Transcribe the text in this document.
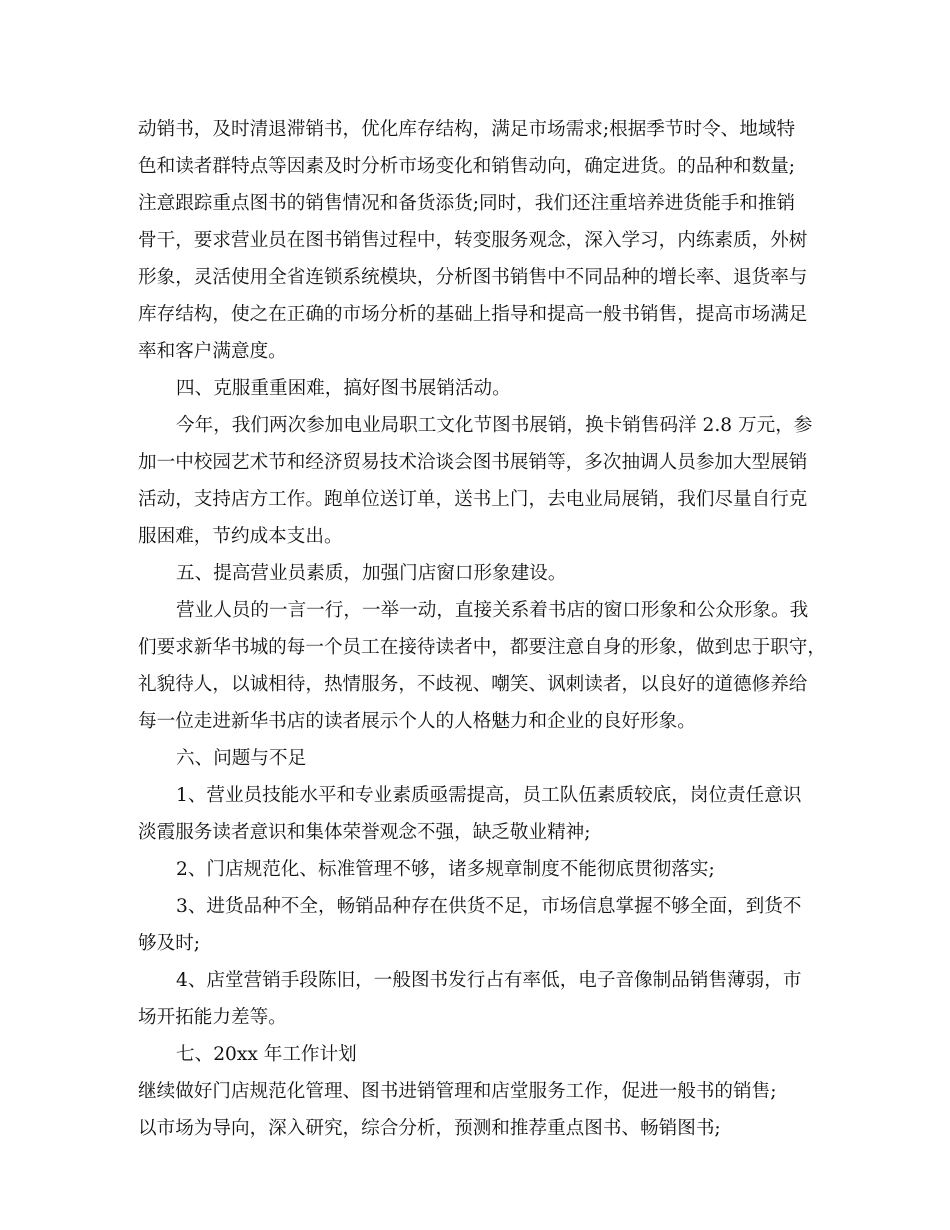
动销书，及时清退滞销书，优化库存结构，满足市场需求;根据季节时令、地域特
色和读者群特点等因素及时分析市场变化和销售动向，确定进货。的品种和数量;
注意跟踪重点图书的销售情况和备货添货;同时，我们还注重培养进货能手和推销
骨干，要求营业员在图书销售过程中，转变服务观念，深入学习，内练素质，外树
形象，灵活使用全省连锁系统模块，分析图书销售中不同品种的增长率、退货率与
库存结构，使之在正确的市场分析的基础上指导和提高一般书销售，提高市场满足
率和客户满意度。
四、克服重重困难，搞好图书展销活动。
今年，我们两次参加电业局职工文化节图书展销，换卡销售码洋 2.8 万元，参
加一中校园艺术节和经济贸易技术洽谈会图书展销等，多次抽调人员参加大型展销
活动，支持店方工作。跑单位送订单，送书上门，去电业局展销，我们尽量自行克
服困难，节约成本支出。
五、提高营业员素质，加强门店窗口形象建设。
营业人员的一言一行，一举一动，直接关系着书店的窗口形象和公众形象。我
们要求新华书城的每一个员工在接待读者中，都要注意自身的形象，做到忠于职守，
礼貌待人，以诚相待，热情服务，不歧视、嘲笑、讽刺读者，以良好的道德修养给
每一位走进新华书店的读者展示个人的人格魅力和企业的良好形象。
六、问题与不足
1、营业员技能水平和专业素质亟需提高，员工队伍素质较底，岗位责任意识
淡霞服务读者意识和集体荣誉观念不强，缺乏敬业精神;
2、门店规范化、标准管理不够，诸多规章制度不能彻底贯彻落实;
3、进货品种不全，畅销品种存在供货不足，市场信息掌握不够全面，到货不
够及时;
4、店堂营销手段陈旧，一般图书发行占有率低，电子音像制品销售薄弱，市
场开拓能力差等。
七、20xx 年工作计划
继续做好门店规范化管理、图书进销管理和店堂服务工作，促进一般书的销售;
以市场为导向，深入研究，综合分析，预测和推荐重点图书、畅销图书;
